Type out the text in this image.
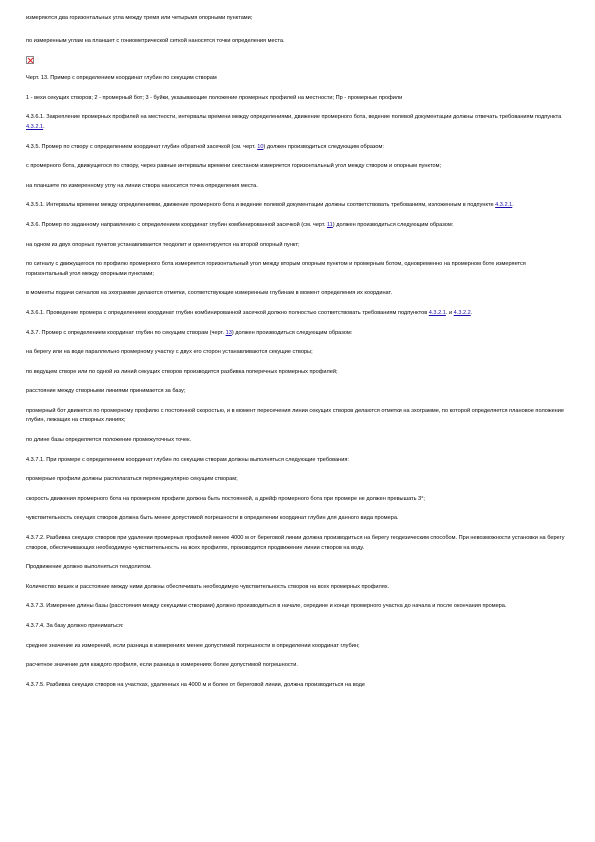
измеряются два горизонтальных угла между тремя или четырьмя опорными пунктами;

по измеренным углам на планшет с гониометрической сеткой наносятся точки определения места.

Черт. 13. Пример с определением координат глубин по секущим створам

1 - вехи секущих створов; 2 - промерный бот; 3 - буйки, указывающие положение промерных профилей на местности; Пр - промерные профили

4.3.6.1. Закрепление промерных профилей на местности, интервалы времени между определениями, движение промерного бота, ведение полевой документации должны отвечать требованиям подпункта 4.3.2.1.

4.3.5. Промер по створу с определением координат глубин обратной засечкой (см. черт. 10) должен производиться следующим образом:

с промерного бота, движущегося по створу, через равные интервалы времени секстаном измеряется горизонтальный угол между створом и опорным пунктом;

на планшете по измеренному углу на линии створа наносится точка определения места.

4.3.5.1. Интервалы времени между определениями, движение промерного бота и ведение полевой документации должны соответствовать требованиям, изложенным в подпункте 4.3.2.1.

4.3.6. Промер по заданному направлению с определением координат глубин комбинированной засечкой (см. черт. 11) должен производиться следующим образом:

на одном из двух опорных пунктов устанавливается теодолит и ориентируется на второй опорный пункт;

по сигналу с движущегося по профилю промерного бота измеряется горизонтальный угол между вторым опорным пунктом и промерным ботом, одновременно на промерном боте измеряется горизонтальный угол между опорными пунктами;

в моменты подачи сигналов на эхограмме делаются отметки, соответствующие измеренным глубинам в момент определения их координат.

4.3.6.1. Проведение промера с определением координат глубин комбинированной засечкой должно полностью соответствовать требованиям подпунктов 4.3.2.1. и 4.3.2.2.

4.3.7. Промер с определением координат глубин по секущим створам (черт. 13) должен производиться следующим образом:

на берегу или на воде параллельно промерному участку с двух его сторон устанавливаются секущие створы;

по ведущем створе или по одной из линий секущих створов производится разбивка поперечных промерных профилей;

расстояние между створными линиями принимается за базу;

промерный бот движется по промерному профилю с постоянной скоростью, и в момент пересечения линии секущих створов делаются отметки на эхограмме, по которой определяется плановое положение глубин, лежащих на створных линиях;

по длине базы определяется положение промежуточных точек.

4.3.7.1. При промере с определением координат глубин по секущим створам должны выполняться следующие требования:

промерные профили должны располагаться перпендикулярно секущим створам;

скорость движения промерного бота на промерном профиле должна быть постоянной, а дрейф промерного бота при промере не должен превышать 3°;

чувствительность секущих створов должна быть менее допустимой погрешности в определении координат глубин для данного вида промера.

4.3.7.2. Разбивка секущих створов при удалении промерных профилей менее 4000 м от береговой линии должна производиться на берегу геодезическим способом. При невозможности установки на берегу створов, обеспечивающих необходимую чувствительность на всех профилях, производится продвижение линии створов на воду.

Продвижение должно выполняться теодолитом.

Количество вешек и расстояние между ними должны обеспечивать необходимую чувствительность створов на всех промерных профилях.

4.3.7.3. Измерение длины базы (расстояния между секущими створами) должно производиться в начале, середине и конце промерного участка до начала и после окончания промера.

4.3.7.4. За базу должно приниматься:

среднее значение из измерений, если разница в измерениях менее допустимой погрешности в определении координат глубин;

расчетное значение для каждого профиля, если разница в измерениях более допустимой погрешности.

4.3.7.5. Разбивка секущих створов на участках, удаленных на 4000 м и более от береговой линии, должна производиться на воде
